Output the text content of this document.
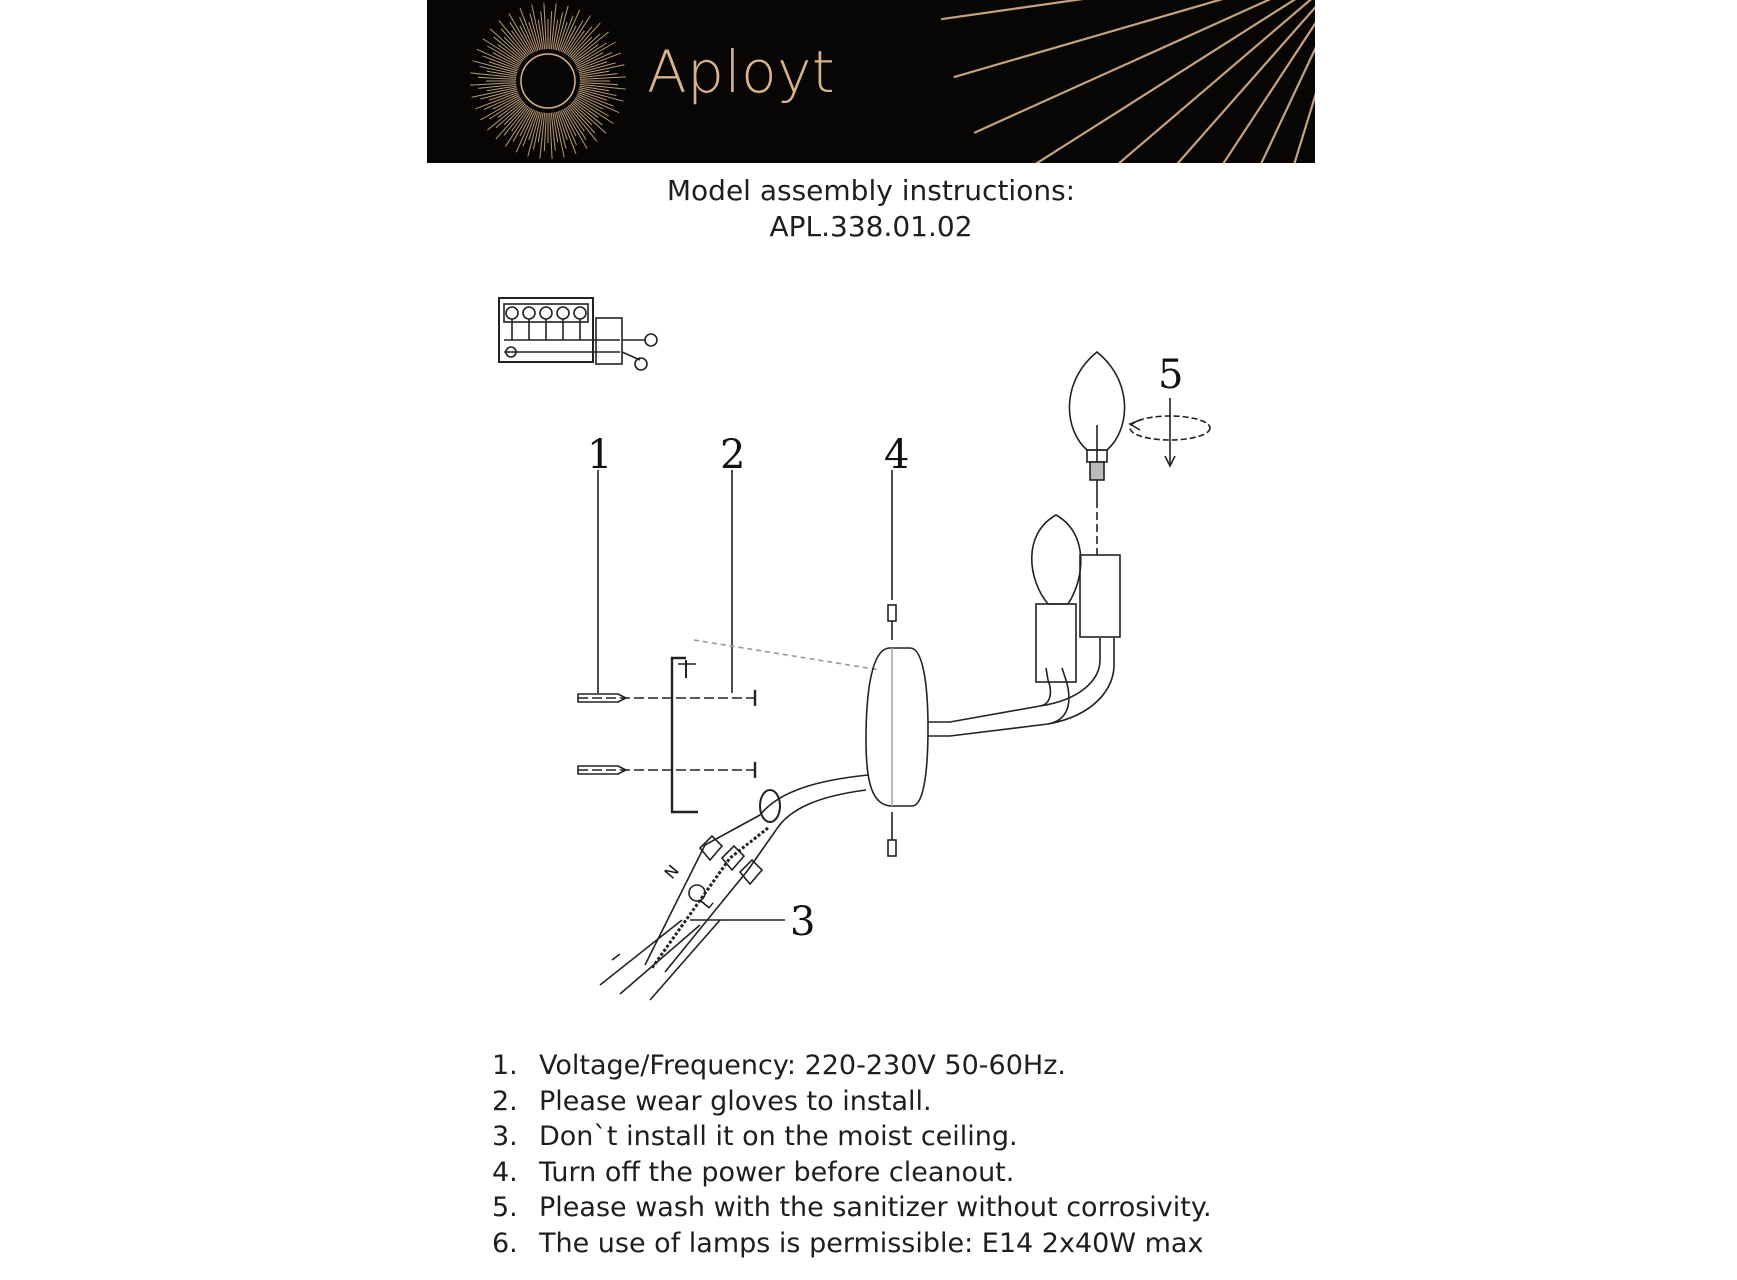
Aployt
Model assembly instructions:
APL.338.01.02
1	2	4
5
3
N
L
1. Voltage/Frequency: 220-230V 50-60Hz.
2. Please wear gloves to install.
3. Don`t install it on the moist ceiling.
4. Turn off the power before cleanout.
5. Please wash with the sanitizer without corrosivity.
6. The use of lamps is permissible: E14 2x40W max
